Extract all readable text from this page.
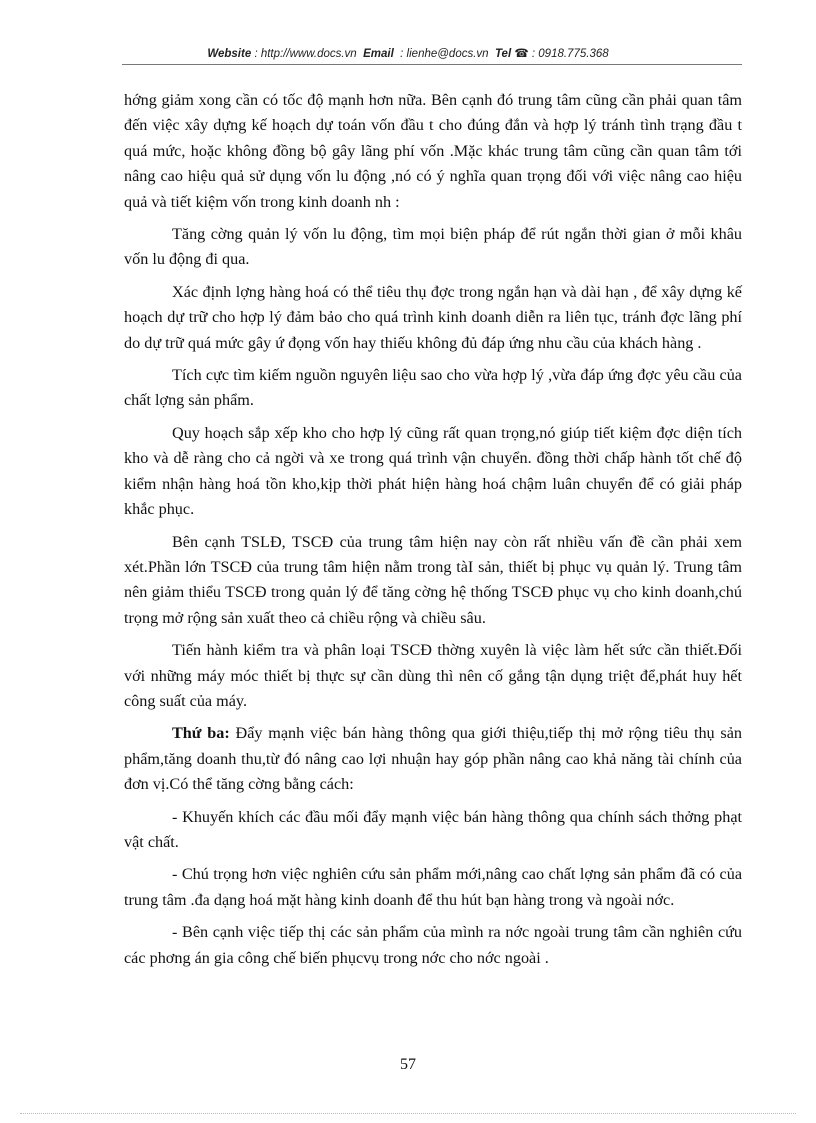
Website : http://www.docs.vn Email : lienhe@docs.vn Tel ☎ : 0918.775.368

hớng giảm xong cần có tốc độ mạnh hơn nữa. Bên cạnh đó trung tâm cũng cần phải quan tâm đến việc xây dựng kế hoạch dự toán vốn đầu t cho đúng đắn và hợp lý tránh tình trạng đầu t quá mức, hoặc không đồng bộ gây lãng phí vốn .Mặc khác trung tâm cũng cần quan tâm tới nâng cao hiệu quả sử dụng vốn lu động ,nó có ý nghĩa quan trọng đối với việc nâng cao hiệu quả và tiết kiệm vốn trong kinh doanh nh :

Tăng cờng quản lý vốn lu động, tìm mọi biện pháp để rút ngắn thời gian ở mỗi khâu vốn lu động đi qua.

Xác định lợng hàng hoá có thể tiêu thụ đợc trong ngắn hạn và dài hạn , để xây dựng kế hoạch dự trữ cho hợp lý đảm bảo cho quá trình kinh doanh diễn ra liên tục, tránh đợc lãng phí do dự trữ quá mức gây ứ đọng vốn hay thiếu không đủ đáp ứng nhu cầu của khách hàng .

Tích cực tìm kiếm nguồn nguyên liệu sao cho vừa hợp lý ,vừa đáp ứng đợc yêu cầu của chất lợng sản phẩm.

Quy hoạch sắp xếp kho cho hợp lý cũng rất quan trọng,nó giúp tiết kiệm đợc diện tích kho và dễ ràng cho cả ngời và xe trong quá trình vận chuyển. đồng thời chấp hành tốt chế độ kiểm nhận hàng hoá tồn kho,kịp thời phát hiện hàng hoá chậm luân chuyển để có giải pháp khắc phục.

Bên cạnh TSLĐ, TSCĐ của trung tâm hiện nay còn rất nhiều vấn đề cần phải xem xét.Phần lớn TSCĐ của trung tâm hiện nằm trong tàI sản, thiết bị phục vụ quản lý. Trung tâm nên giảm thiểu TSCĐ trong quản lý để tăng cờng hệ thống TSCĐ phục vụ cho kinh doanh,chú trọng mở rộng sản xuất theo cả chiều rộng và chiều sâu.

Tiến hành kiểm tra và phân loại TSCĐ thờng xuyên là việc làm hết sức cần thiết.Đối với những máy móc thiết bị thực sự cần dùng thì nên cố gắng tận dụng triệt để,phát huy hết công suất của máy.

Thứ ba: Đẩy mạnh việc bán hàng thông qua giới thiệu,tiếp thị mở rộng tiêu thụ sản phẩm,tăng doanh thu,từ đó nâng cao lợi nhuận hay góp phần nâng cao khả năng tài chính của đơn vị.Có thể tăng cờng bằng cách:

- Khuyến khích các đầu mối đẩy mạnh việc bán hàng thông qua chính sách thởng phạt vật chất.

- Chú trọng hơn việc nghiên cứu sản phẩm mới,nâng cao chất lợng sản phẩm đã có của trung tâm .đa dạng hoá mặt hàng kinh doanh để thu hút bạn hàng trong và ngoài nớc.

- Bên cạnh việc tiếp thị các sản phẩm của mình ra nớc ngoài trung tâm cần nghiên cứu các phơng án gia công chế biến phụcvụ trong nớc cho nớc ngoài .

57
